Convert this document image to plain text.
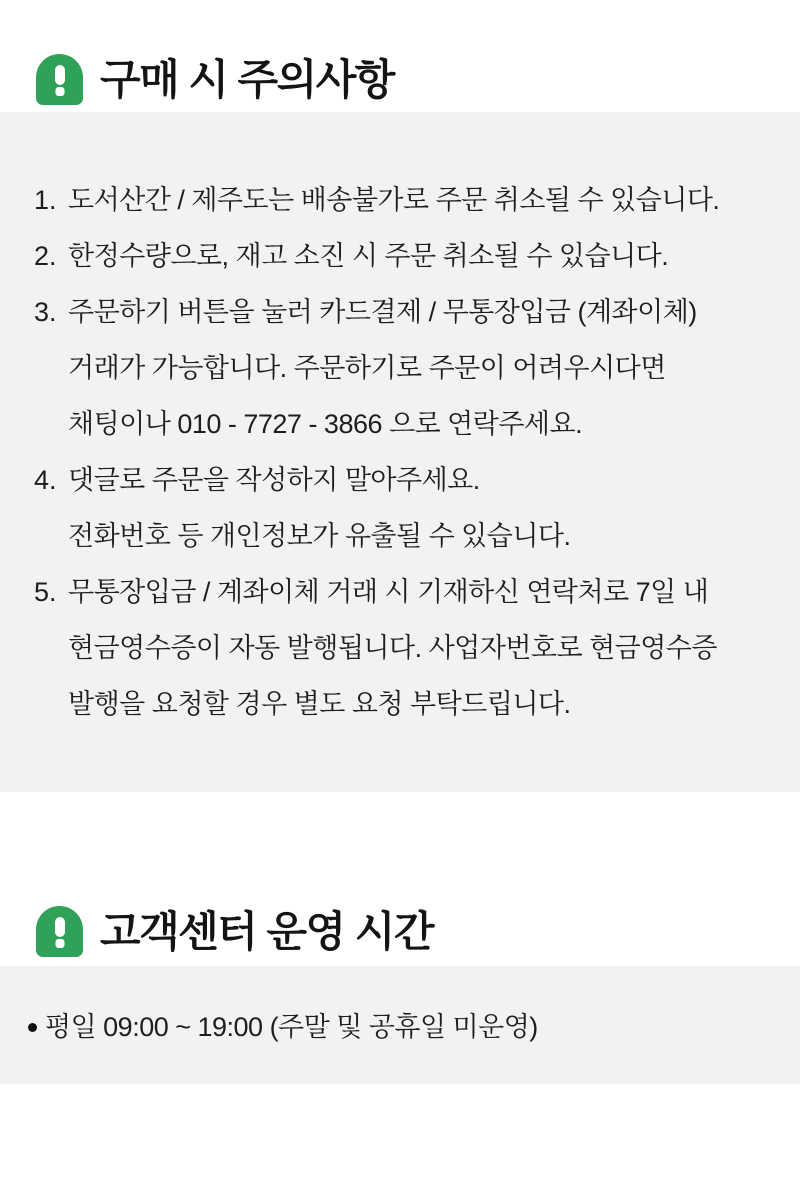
구매 시 주의사항
1. 도서산간 / 제주도는 배송불가로 주문 취소될 수 있습니다.
2. 한정수량으로, 재고 소진 시 주문 취소될 수 있습니다.
3. 주문하기 버튼을 눌러 카드결제 / 무통장입금 (계좌이체)
거래가 가능합니다. 주문하기로 주문이 어려우시다면
채팅이나 010 - 7727 - 3866 으로 연락주세요.
4. 댓글로 주문을 작성하지 말아주세요.
전화번호 등 개인정보가 유출될 수 있습니다.
5. 무통장입금 / 계좌이체 거래 시 기재하신 연락처로 7일 내
현금영수증이 자동 발행됩니다. 사업자번호로 현금영수증
발행을 요청할 경우 별도 요청 부탁드립니다.
고객센터 운영 시간
평일 09:00 ~ 19:00 (주말 및 공휴일 미운영)
